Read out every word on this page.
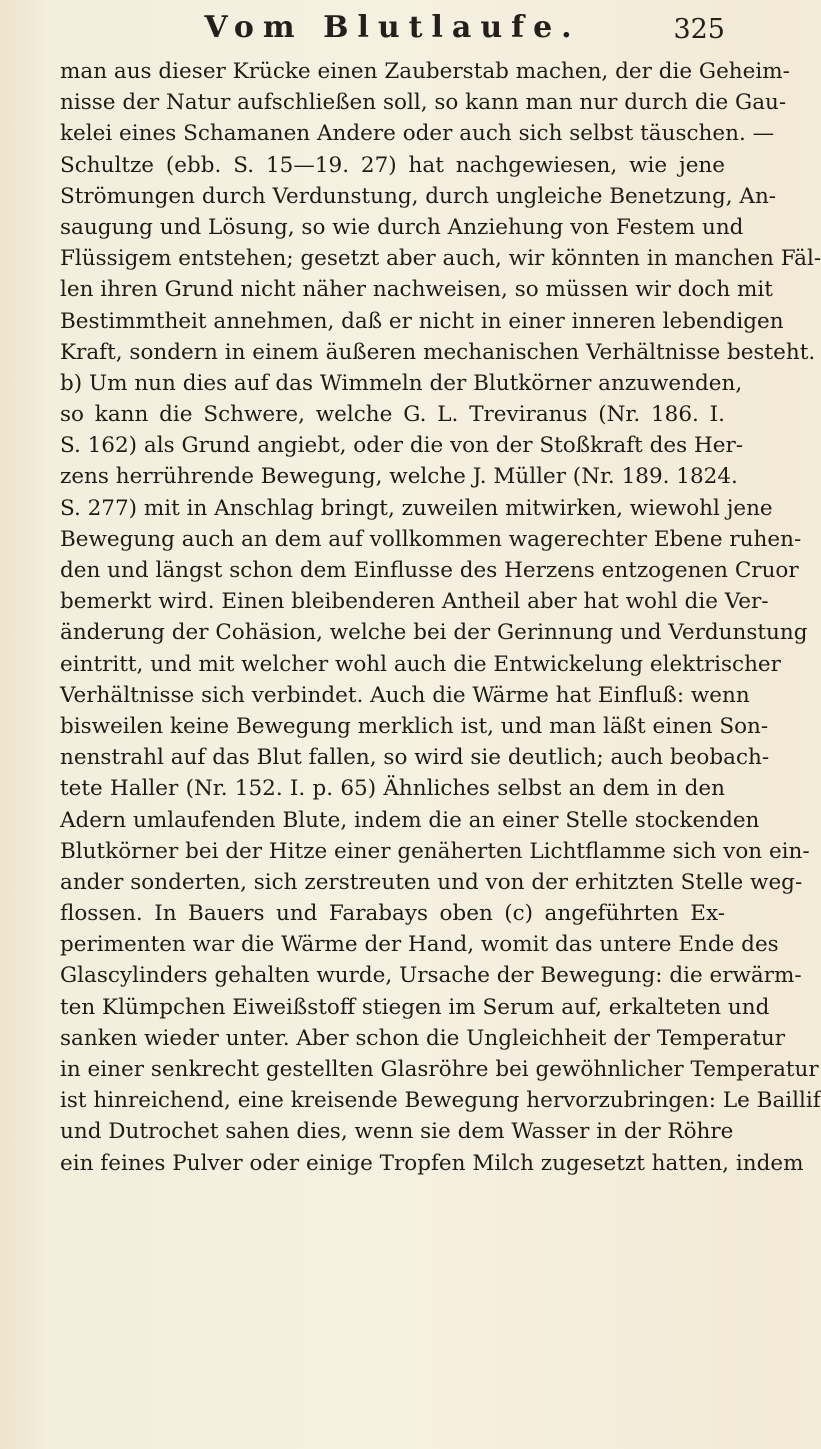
Vom Blutlaufe.	325
man aus dieser Krücke einen Zauberstab machen, der die Geheim-
nisse der Natur aufschließen soll, so kann man nur durch die Gau-
kelei eines Schamanen Andere oder auch sich selbst täuschen. —
Schultze (ebb. S. 15—19. 27) hat nachgewiesen, wie jene
Strömungen durch Verdunstung, durch ungleiche Benetzung, An-
saugung und Lösung, so wie durch Anziehung von Festem und
Flüssigem entstehen; gesetzt aber auch, wir könnten in manchen Fäl-
len ihren Grund nicht näher nachweisen, so müssen wir doch mit
Bestimmtheit annehmen, daß er nicht in einer inneren lebendigen
Kraft, sondern in einem äußeren mechanischen Verhältnisse besteht.
b) Um nun dies auf das Wimmeln der Blutkörner anzuwenden,
so kann die Schwere, welche G. L. Treviranus (Nr. 186. I.
S. 162) als Grund angiebt, oder die von der Stoßkraft des Her-
zens herrührende Bewegung, welche J. Müller (Nr. 189. 1824.
S. 277) mit in Anschlag bringt, zuweilen mitwirken, wiewohl jene
Bewegung auch an dem auf vollkommen wagerechter Ebene ruhen-
den und längst schon dem Einflusse des Herzens entzogenen Cruor
bemerkt wird. Einen bleibenderen Antheil aber hat wohl die Ver-
änderung der Cohäsion, welche bei der Gerinnung und Verdunstung
eintritt, und mit welcher wohl auch die Entwickelung elektrischer
Verhältnisse sich verbindet. Auch die Wärme hat Einfluß: wenn
bisweilen keine Bewegung merklich ist, und man läßt einen Son-
nenstrahl auf das Blut fallen, so wird sie deutlich; auch beobach-
tete Haller (Nr. 152. I. p. 65) Ähnliches selbst an dem in den
Adern umlaufenden Blute, indem die an einer Stelle stockenden
Blutkörner bei der Hitze einer genäherten Lichtflamme sich von ein-
ander sonderten, sich zerstreuten und von der erhitzten Stelle weg-
flossen. In Bauers und Farabays oben (c) angeführten Ex-
perimenten war die Wärme der Hand, womit das untere Ende des
Glascylinders gehalten wurde, Ursache der Bewegung: die erwärm-
ten Klümpchen Eiweißstoff stiegen im Serum auf, erkalteten und
sanken wieder unter. Aber schon die Ungleichheit der Temperatur
in einer senkrecht gestellten Glasröhre bei gewöhnlicher Temperatur
ist hinreichend, eine kreisende Bewegung hervorzubringen: Le Baillif
und Dutrochet sahen dies, wenn sie dem Wasser in der Röhre
ein feines Pulver oder einige Tropfen Milch zugesetzt hatten, indem
